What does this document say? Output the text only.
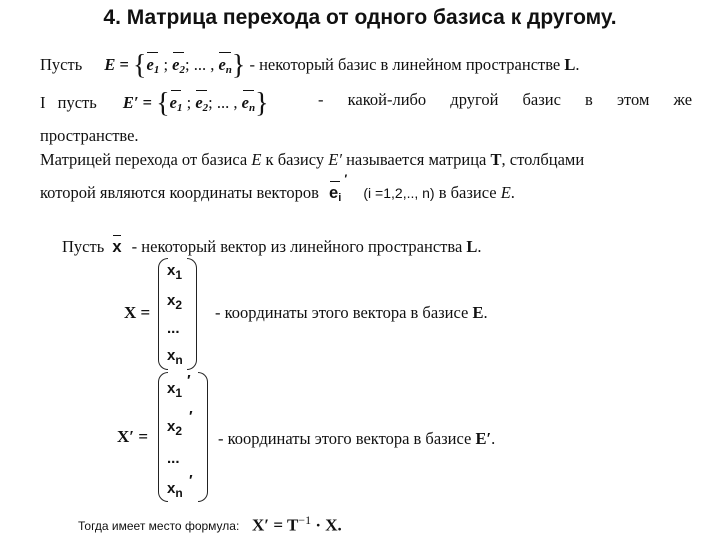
4. Матрица перехода от одного базиса к другому.
Пусть $E = \{e_1$ ; $e_2$; ... , $e_n$} - некоторый базис в линейном пространстве L.
I пусть $E' = \{e_1$ ; $e_2$; ... , $e_n$}	- какой-либо другой базис в этом же
пространстве.
Матрицей перехода от базиса E к базису E′ называется матрица T, столбцами
которой являются координаты векторов $e_i$
′
(i =1,2,.., n) в базисе E.
Пусть x - некоторый вектор из линейного пространства L.
X =
$x_1$
$x_2$
...
$x_n$
- координаты этого вектора в базисе E.
X′ =
$x_1$
′
$x_2$
′
...
$x_n$
′
- координаты этого вектора в базисе E′.
Тогда имеет место формула: $X' = T^{-1} \cdot X$.
